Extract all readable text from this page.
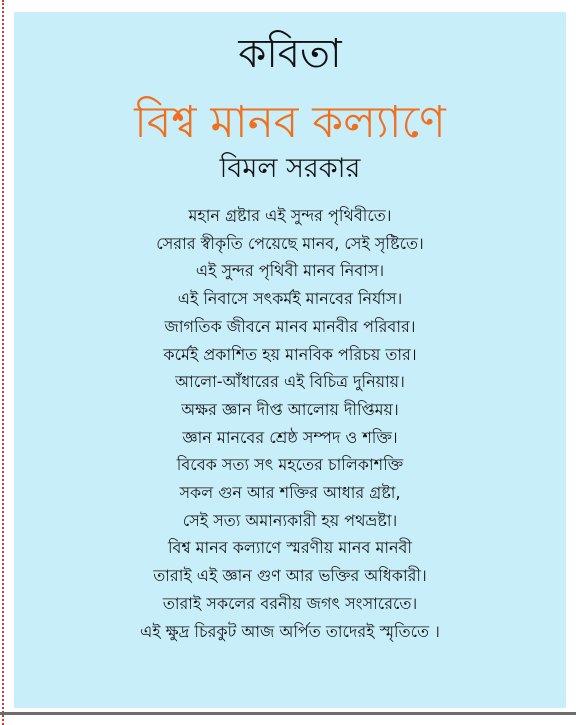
কবিতা
বিশ্ব মানব কল্যাণে
বিমল সরকার
মহান গ্রষ্টার এই সুন্দর পৃথিবীতে।
সেরার স্বীকৃতি পেয়েছে মানব, সেই সৃষ্টিতে।
এই সুন্দর পৃথিবী মানব নিবাস।
এই নিবাসে সৎকর্মই মানবের নির্যাস।
জাগতিক জীবনে মানব মানবীর পরিবার।
কর্মেই প্রকাশিত হয় মানবিক পরিচয় তার।
আলো-আঁধারের এই বিচিত্র দুনিয়ায়।
অক্ষর জ্ঞান দীপ্ত আলোয় দীপ্তিময়।
জ্ঞান মানবের শ্রেষ্ঠ সম্পদ ও শক্তি।
বিবেক সত্য সৎ মহতের চালিকাশক্তি
সকল গুন আর শক্তির আধার গ্রষ্টা,
সেই সত্য অমান্যকারী হয় পথভ্রষ্টা।
বিশ্ব মানব কল্যাণে স্মরণীয় মানব মানবী
তারাই এই জ্ঞান গুণ আর ভক্তির অধিকারী।
তারাই সকলের বরনীয় জগৎ সংসারেতে।
এই ক্ষুদ্র চিরকুট আজ অর্পিত তাদেরই স্মৃতিতে ।
